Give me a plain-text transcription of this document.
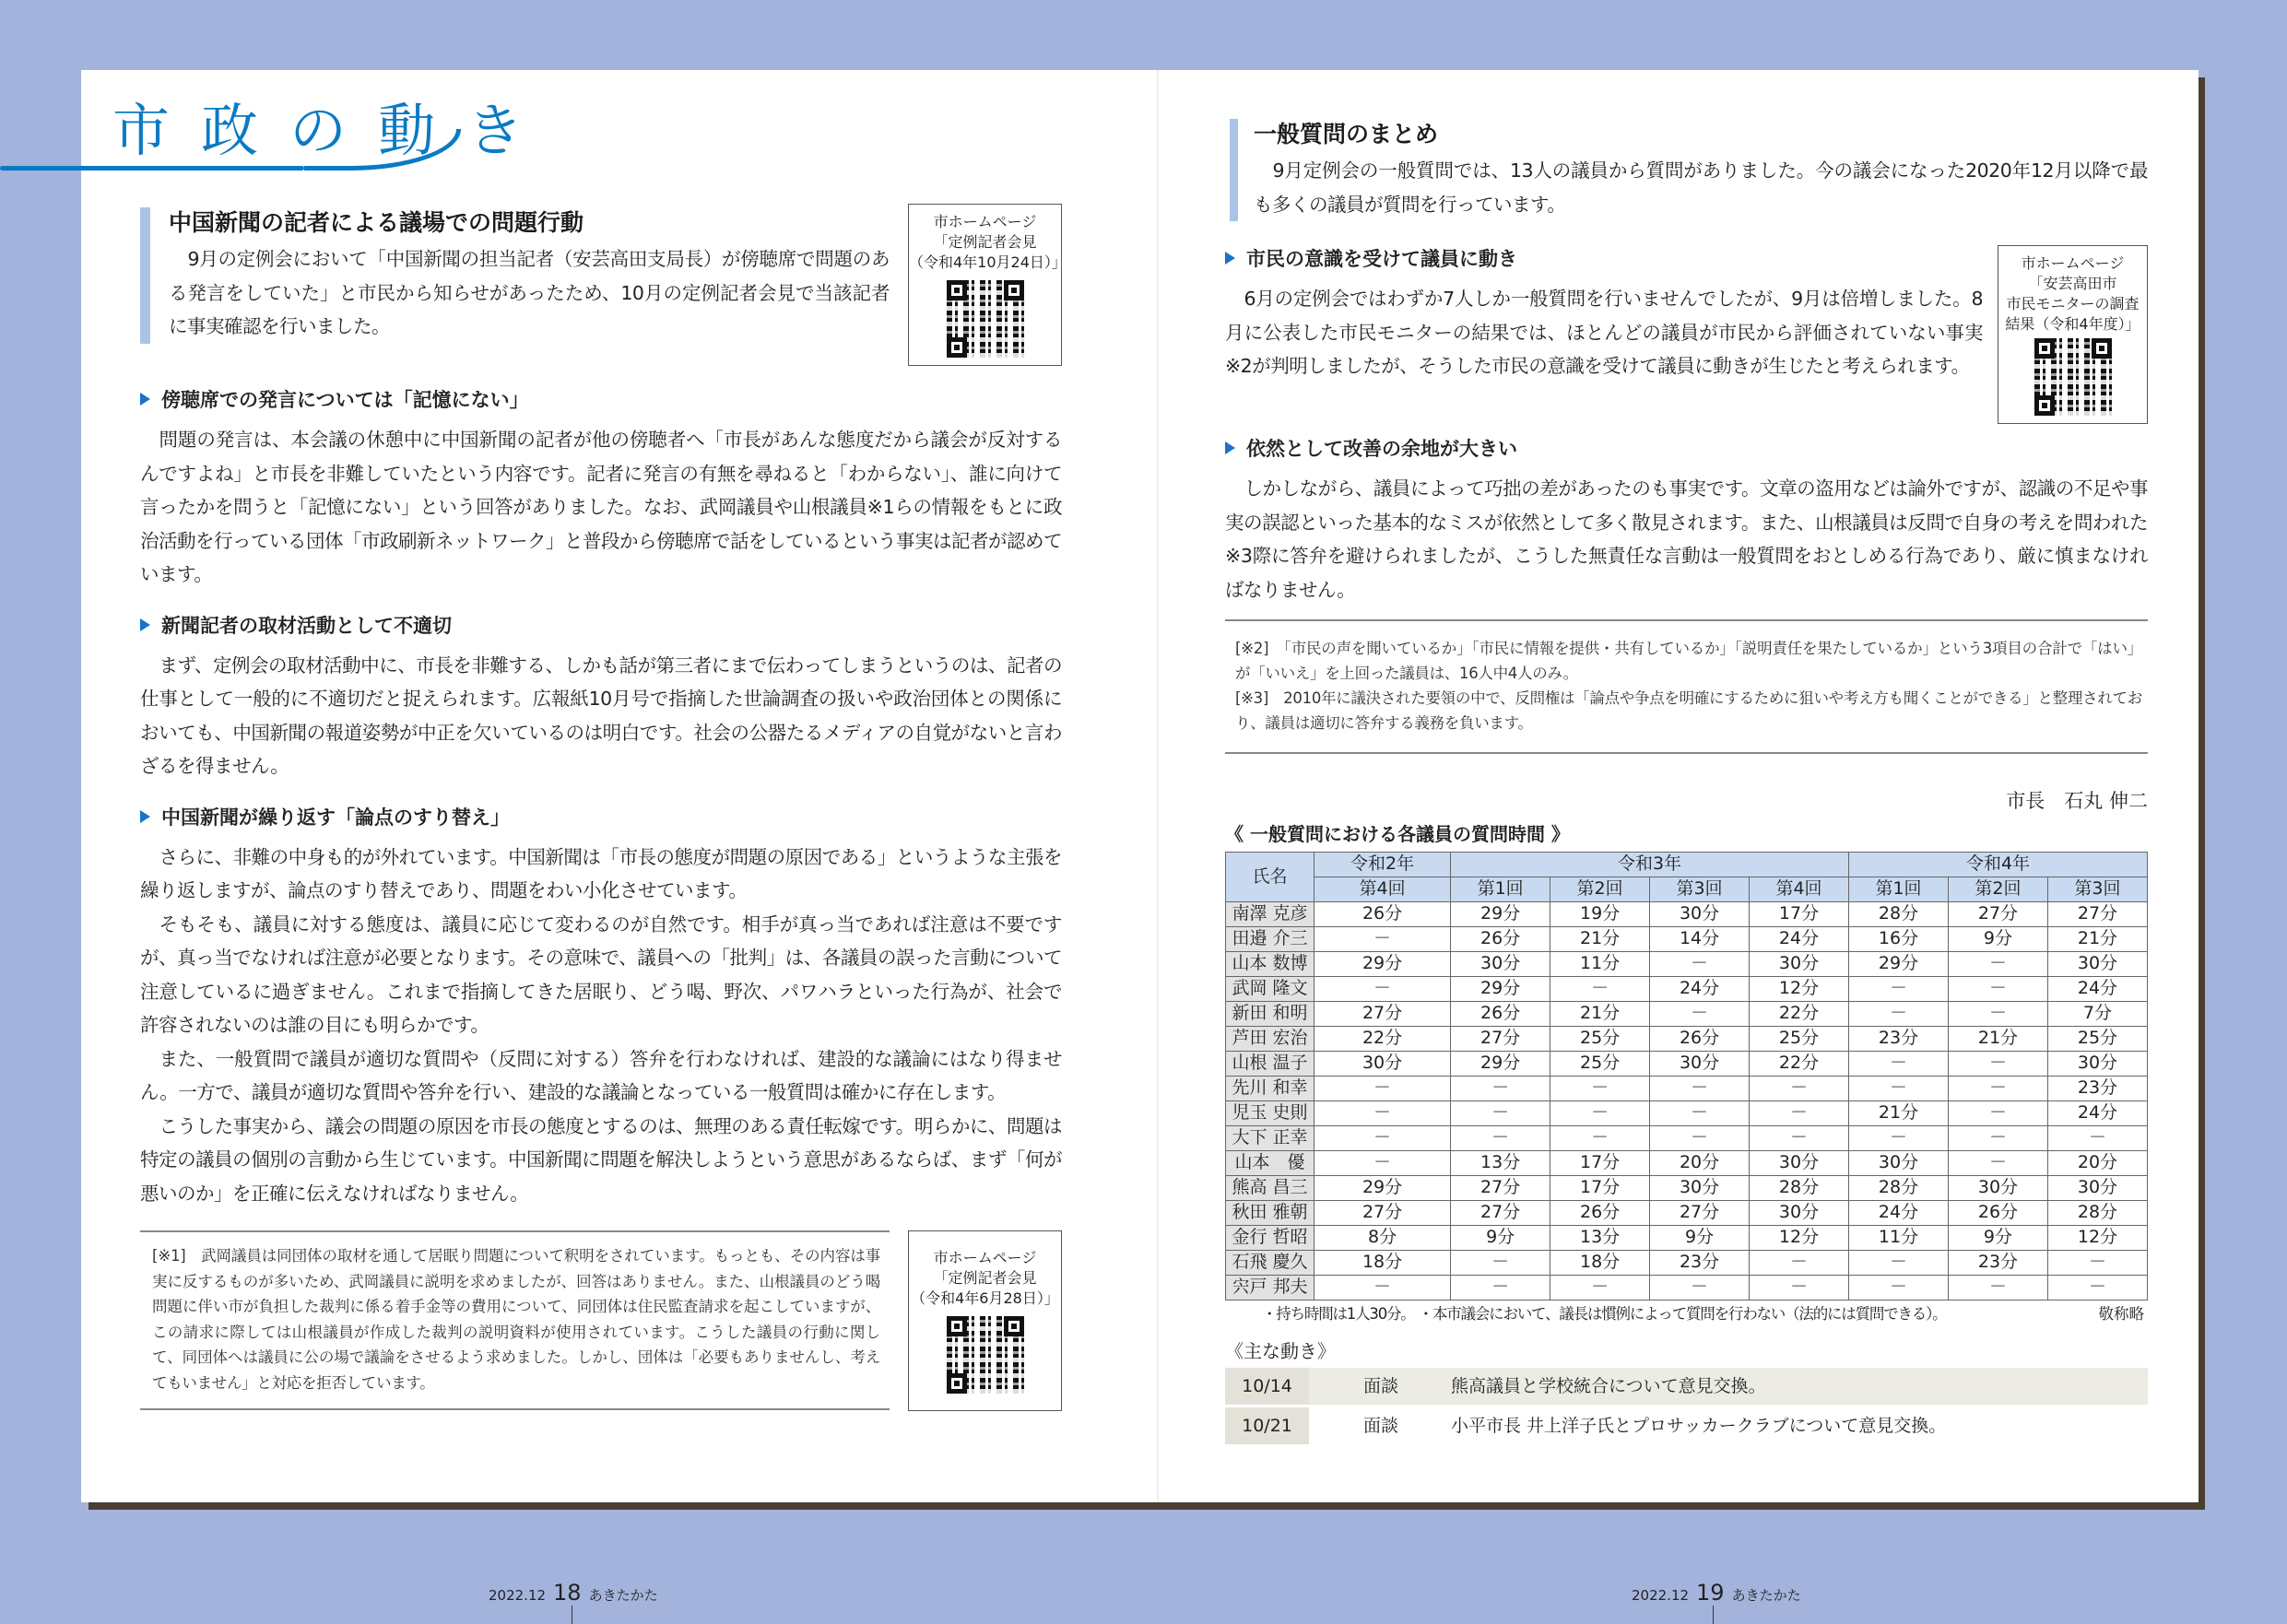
市政の動き
中国新聞の記者による議場での問題行動
9月の定例会において「中国新聞の担当記者（安芸高田支局長）が傍聴席で問題のある発言をしていた」と市民から知らせがあったため、10月の定例記者会見で当該記者に事実確認を行いました。
市ホームページ
「定例記者会見
（令和4年10月24日）」
傍聴席での発言については「記憶にない」
問題の発言は、本会議の休憩中に中国新聞の記者が他の傍聴者へ「市長があんな態度だから議会が反対するんですよね」と市長を非難していたという内容です。記者に発言の有無を尋ねると「わからない」、誰に向けて言ったかを問うと「記憶にない」という回答がありました。なお、武岡議員や山根議員※1らの情報をもとに政治活動を行っている団体「市政刷新ネットワーク」と普段から傍聴席で話をしているという事実は記者が認めています。
新聞記者の取材活動として不適切
まず、定例会の取材活動中に、市長を非難する、しかも話が第三者にまで伝わってしまうというのは、記者の仕事として一般的に不適切だと捉えられます。広報紙10月号で指摘した世論調査の扱いや政治団体との関係においても、中国新聞の報道姿勢が中正を欠いているのは明白です。社会の公器たるメディアの自覚がないと言わざるを得ません。
中国新聞が繰り返す「論点のすり替え」
さらに、非難の中身も的が外れています。中国新聞は「市長の態度が問題の原因である」というような主張を繰り返しますが、論点のすり替えであり、問題をわい小化させています。
そもそも、議員に対する態度は、議員に応じて変わるのが自然です。相手が真っ当であれば注意は不要ですが、真っ当でなければ注意が必要となります。その意味で、議員への「批判」は、各議員の誤った言動について注意しているに過ぎません。これまで指摘してきた居眠り、どう喝、野次、パワハラといった行為が、社会で許容されないのは誰の目にも明らかです。
また、一般質問で議員が適切な質問や（反問に対する）答弁を行わなければ、建設的な議論にはなり得ません。一方で、議員が適切な質問や答弁を行い、建設的な議論となっている一般質問は確かに存在します。
こうした事実から、議会の問題の原因を市長の態度とするのは、無理のある責任転嫁です。明らかに、問題は特定の議員の個別の言動から生じています。中国新聞に問題を解決しようという意思があるならば、まず「何が悪いのか」を正確に伝えなければなりません。
[※1]　武岡議員は同団体の取材を通して居眠り問題について釈明をされています。もっとも、その内容は事実に反するものが多いため、武岡議員に説明を求めましたが、回答はありません。また、山根議員のどう喝問題に伴い市が負担した裁判に係る着手金等の費用について、同団体は住民監査請求を起こしていますが、この請求に際しては山根議員が作成した裁判の説明資料が使用されています。こうした議員の行動に関して、同団体へは議員に公の場で議論をさせるよう求めました。しかし、団体は「必要もありませんし、考えてもいません」と対応を拒否しています。
市ホームページ
「定例記者会見
（令和4年6月28日）」
一般質問のまとめ
9月定例会の一般質問では、13人の議員から質問がありました。今の議会になった2020年12月以降で最も多くの議員が質問を行っています。
市ホームページ
「安芸高田市
市民モニターの調査
結果（令和4年度）」
市民の意識を受けて議員に動き
6月の定例会ではわずか7人しか一般質問を行いませんでしたが、9月は倍増しました。8月に公表した市民モニターの結果では、ほとんどの議員が市民から評価されていない事実※2が判明しましたが、そうした市民の意識を受けて議員に動きが生じたと考えられます。
依然として改善の余地が大きい
しかしながら、議員によって巧拙の差があったのも事実です。文章の盗用などは論外ですが、認識の不足や事実の誤認といった基本的なミスが依然として多く散見されます。また、山根議員は反問で自身の考えを問われた※3際に答弁を避けられましたが、こうした無責任な言動は一般質問をおとしめる行為であり、厳に慎まなければなりません。
[※2]　「市民の声を聞いているか」「市民に情報を提供・共有しているか」「説明責任を果たしているか」という3項目の合計で「はい」が「いいえ」を上回った議員は、16人中4人のみ。
[※3]　2010年に議決された要領の中で、反問権は「論点や争点を明確にするために狙いや考え方も聞くことができる」と整理されており、議員は適切に答弁する義務を負います。
市長　石丸 伸二
《 一般質問における各議員の質問時間 》
氏名	令和2年	令和3年				令和4年		
	第4回	第1回	第2回	第3回	第4回	第1回	第2回	第3回
南澤 克彦	26分	29分	19分	30分	17分	28分	27分	27分
田邉 介三	－	26分	21分	14分	24分	16分	9分	21分
山本 数博	29分	30分	11分	－	30分	29分	－	30分
武岡 隆文	－	29分	－	24分	12分	－	－	24分
新田 和明	27分	26分	21分	－	22分	－	－	7分
芦田 宏治	22分	27分	25分	26分	25分	23分	21分	25分
山根 温子	30分	29分	25分	30分	22分	－	－	30分
先川 和幸	－	－	－	－	－	－	－	23分
児玉 史則	－	－	－	－	－	21分	－	24分
大下 正幸	－	－	－	－	－	－	－	－
山本　優	－	13分	17分	20分	30分	30分	－	20分
熊高 昌三	29分	27分	17分	30分	28分	28分	30分	30分
秋田 雅朝	27分	27分	26分	27分	30分	24分	26分	28分
金行 哲昭	8分	9分	13分	9分	12分	11分	9分	12分
石飛 慶久	18分	－	18分	23分	－	－	23分	－
宍戸 邦夫	－	－	－	－	－	－	－	－
・持ち時間は1人30分。 ・本市議会において、議長は慣例によって質問を行わない（法的には質問できる）。	敬称略
《主な動き》
10/14	面談	熊高議員と学校統合について意見交換。
10/21	面談	小平市長 井上洋子氏とプロサッカークラブについて意見交換。
2022.12 18 あきたかた	2022.12 19 あきたかた
